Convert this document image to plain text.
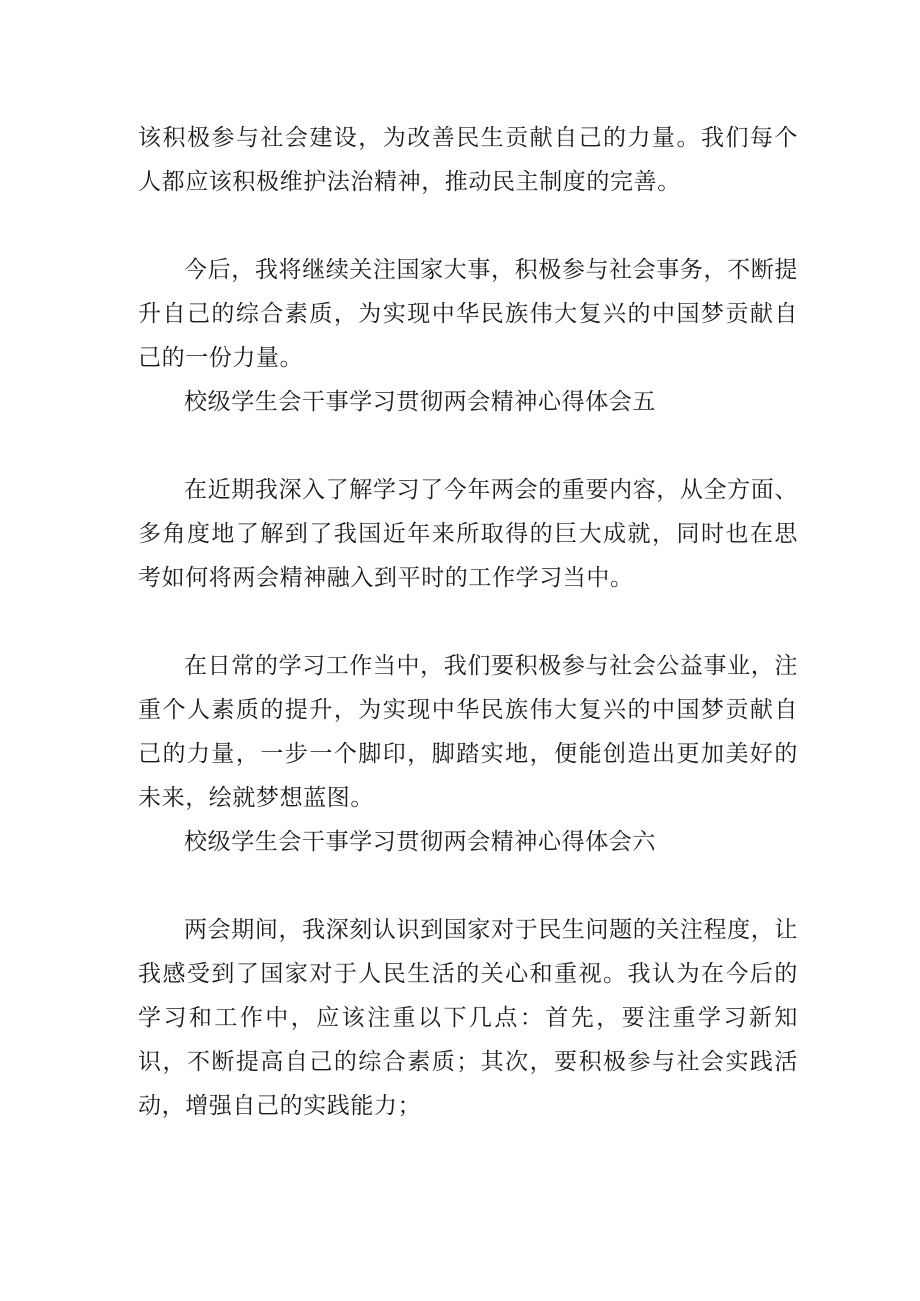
该积极参与社会建设，为改善民生贡献自己的力量。我们每个人都应该积极维护法治精神，推动民主制度的完善。

今后，我将继续关注国家大事，积极参与社会事务，不断提升自己的综合素质，为实现中华民族伟大复兴的中国梦贡献自己的一份力量。

校级学生会干事学习贯彻两会精神心得体会五

在近期我深入了解学习了今年两会的重要内容，从全方面、多角度地了解到了我国近年来所取得的巨大成就，同时也在思考如何将两会精神融入到平时的工作学习当中。

在日常的学习工作当中，我们要积极参与社会公益事业，注重个人素质的提升，为实现中华民族伟大复兴的中国梦贡献自己的力量，一步一个脚印，脚踏实地，便能创造出更加美好的未来，绘就梦想蓝图。

校级学生会干事学习贯彻两会精神心得体会六

两会期间，我深刻认识到国家对于民生问题的关注程度，让我感受到了国家对于人民生活的关心和重视。我认为在今后的学习和工作中，应该注重以下几点：首先，要注重学习新知识，不断提高自己的综合素质；其次，要积极参与社会实践活动，增强自己的实践能力；
